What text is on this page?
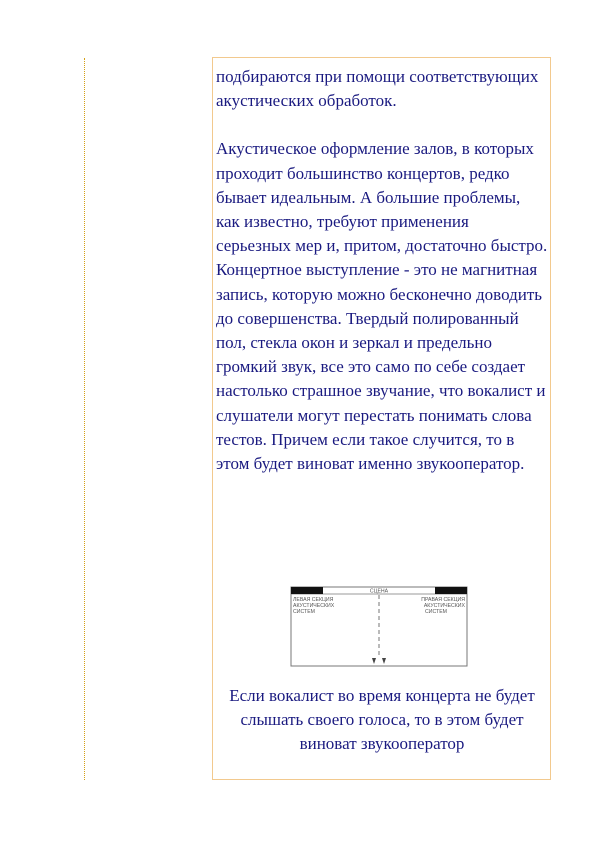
подбираются при помощи соответствующих акустических обработок.

Акустическое оформление залов, в которых проходит большинство концертов, редко бывает идеальным. А большие проблемы, как известно, требуют применения серьезных мер и, притом, достаточно быстро. Концертное выступление - это не магнитная запись, которую можно бесконечно доводить до совершенства. Твердый полированный пол, стекла окон и зеркал и предельно громкий звук, все это само по себе создает настолько страшное звучание, что вокалист и слушатели могут перестать понимать слова тестов. Причем если такое случится, то в этом будет виноват именно звукооператор.

СЦЕНА
ЛЕВАЯ СЕКЦИЯ
АКУСТИЧЕСКИХ
СИСТЕМ
ПРАВАЯ СЕКЦИЯ
АКУСТИЧЕСКИХ
СИСТЕМ

Если вокалист во время концерта не будет слышать своего голоса, то в этом будет виноват звукооператор
